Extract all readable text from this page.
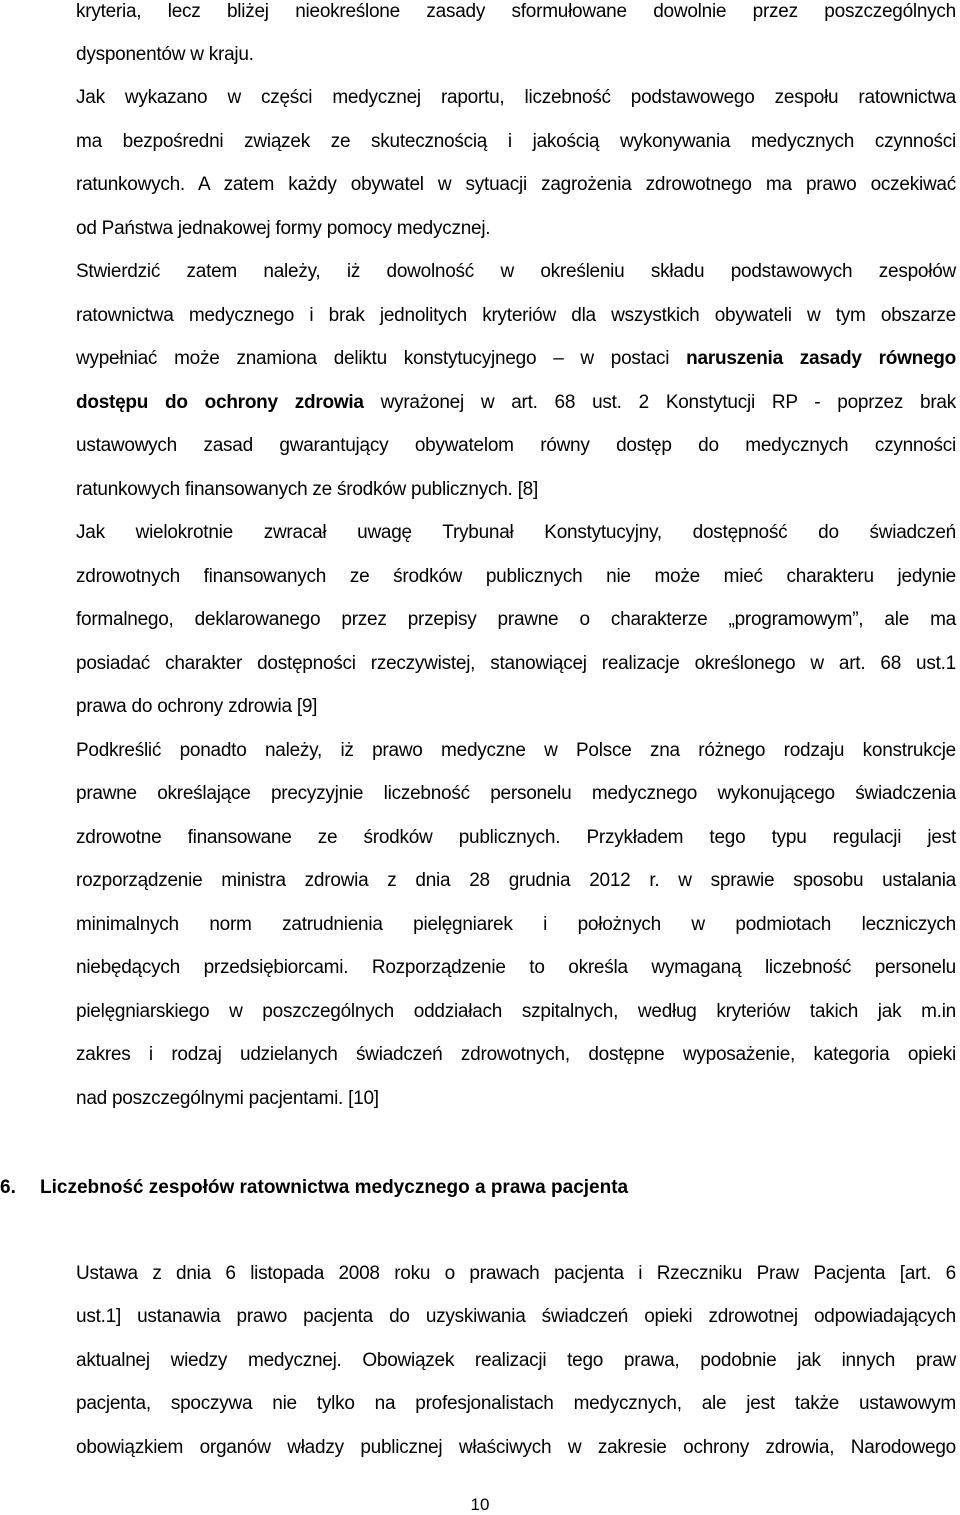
kryteria, lecz bliżej nieokreślone zasady sformułowane dowolnie przez poszczególnych
dysponentów w kraju.
Jak wykazano w części medycznej raportu, liczebność podstawowego zespołu ratownictwa
ma bezpośredni związek ze skutecznością i jakością wykonywania medycznych czynności
ratunkowych. A zatem każdy obywatel w sytuacji zagrożenia zdrowotnego ma prawo oczekiwać
od Państwa jednakowej formy pomocy medycznej.
Stwierdzić zatem należy, iż dowolność w określeniu składu podstawowych zespołów
ratownictwa medycznego i brak jednolitych kryteriów dla wszystkich obywateli w tym obszarze
wypełniać może znamiona deliktu konstytucyjnego – w postaci naruszenia zasady równego
dostępu do ochrony zdrowia wyrażonej w art. 68 ust. 2 Konstytucji RP - poprzez brak
ustawowych zasad gwarantujący obywatelom równy dostęp do medycznych czynności
ratunkowych finansowanych ze środków publicznych. [8]
Jak wielokrotnie zwracał uwagę Trybunał Konstytucyjny, dostępność do świadczeń
zdrowotnych finansowanych ze środków publicznych nie może mieć charakteru jedynie
formalnego, deklarowanego przez przepisy prawne o charakterze „programowym”, ale ma
posiadać charakter dostępności rzeczywistej, stanowiącej realizacje określonego w art. 68 ust.1
prawa do ochrony zdrowia [9]
Podkreślić ponadto należy, iż prawo medyczne w Polsce zna różnego rodzaju konstrukcje
prawne określające precyzyjnie liczebność personelu medycznego wykonującego świadczenia
zdrowotne finansowane ze środków publicznych. Przykładem tego typu regulacji jest
rozporządzenie ministra zdrowia z dnia 28 grudnia 2012 r. w sprawie sposobu ustalania
minimalnych norm zatrudnienia pielęgniarek i położnych w podmiotach leczniczych
niebędących przedsiębiorcami. Rozporządzenie to określa wymaganą liczebność personelu
pielęgniarskiego w poszczególnych oddziałach szpitalnych, według kryteriów takich jak m.in
zakres i rodzaj udzielanych świadczeń zdrowotnych, dostępne wyposażenie, kategoria opieki
nad poszczególnymi pacjentami. [10]
6. Liczebność zespołów ratownictwa medycznego a prawa pacjenta
Ustawa z dnia 6 listopada 2008 roku o prawach pacjenta i Rzeczniku Praw Pacjenta [art. 6
ust.1] ustanawia prawo pacjenta do uzyskiwania świadczeń opieki zdrowotnej odpowiadających
aktualnej wiedzy medycznej. Obowiązek realizacji tego prawa, podobnie jak innych praw
pacjenta, spoczywa nie tylko na profesjonalistach medycznych, ale jest także ustawowym
obowiązkiem organów władzy publicznej właściwych w zakresie ochrony zdrowia, Narodowego
10
